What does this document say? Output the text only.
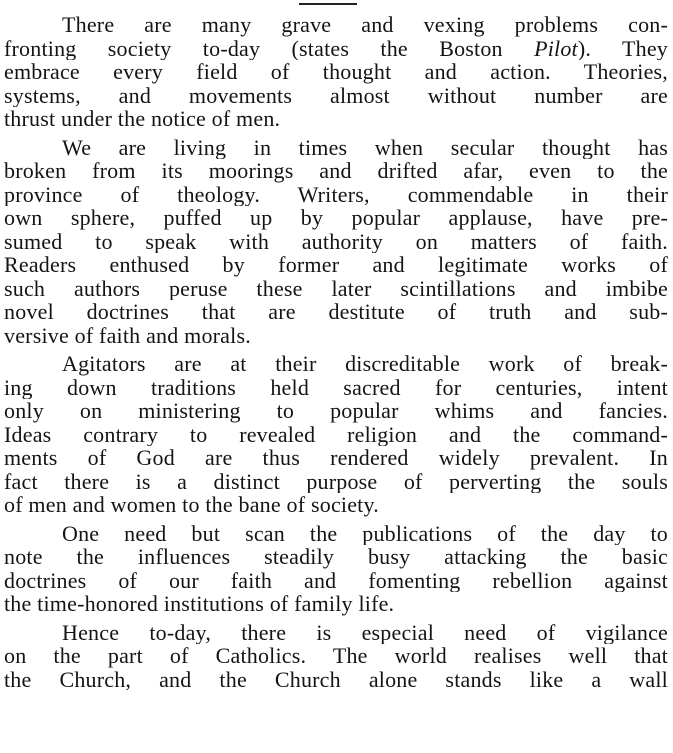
There are many grave and vexing problems con-
fronting society to-day (states the Boston Pilot). They
embrace every field of thought and action. Theories,
systems, and movements almost without number are
thrust under the notice of men.
We are living in times when secular thought has
broken from its moorings and drifted afar, even to the
province of theology. Writers, commendable in their
own sphere, puffed up by popular applause, have pre-
sumed to speak with authority on matters of faith.
Readers enthused by former and legitimate works of
such authors peruse these later scintillations and imbibe
novel doctrines that are destitute of truth and sub-
versive of faith and morals.
Agitators are at their discreditable work of break-
ing down traditions held sacred for centuries, intent
only on ministering to popular whims and fancies.
Ideas contrary to revealed religion and the command-
ments of God are thus rendered widely prevalent. In
fact there is a distinct purpose of perverting the souls
of men and women to the bane of society.
One need but scan the publications of the day to
note the influences steadily busy attacking the basic
doctrines of our faith and fomenting rebellion against
the time-honored institutions of family life.
Hence to-day, there is especial need of vigilance
on the part of Catholics. The world realises well that
the Church, and the Church alone stands like a wall
